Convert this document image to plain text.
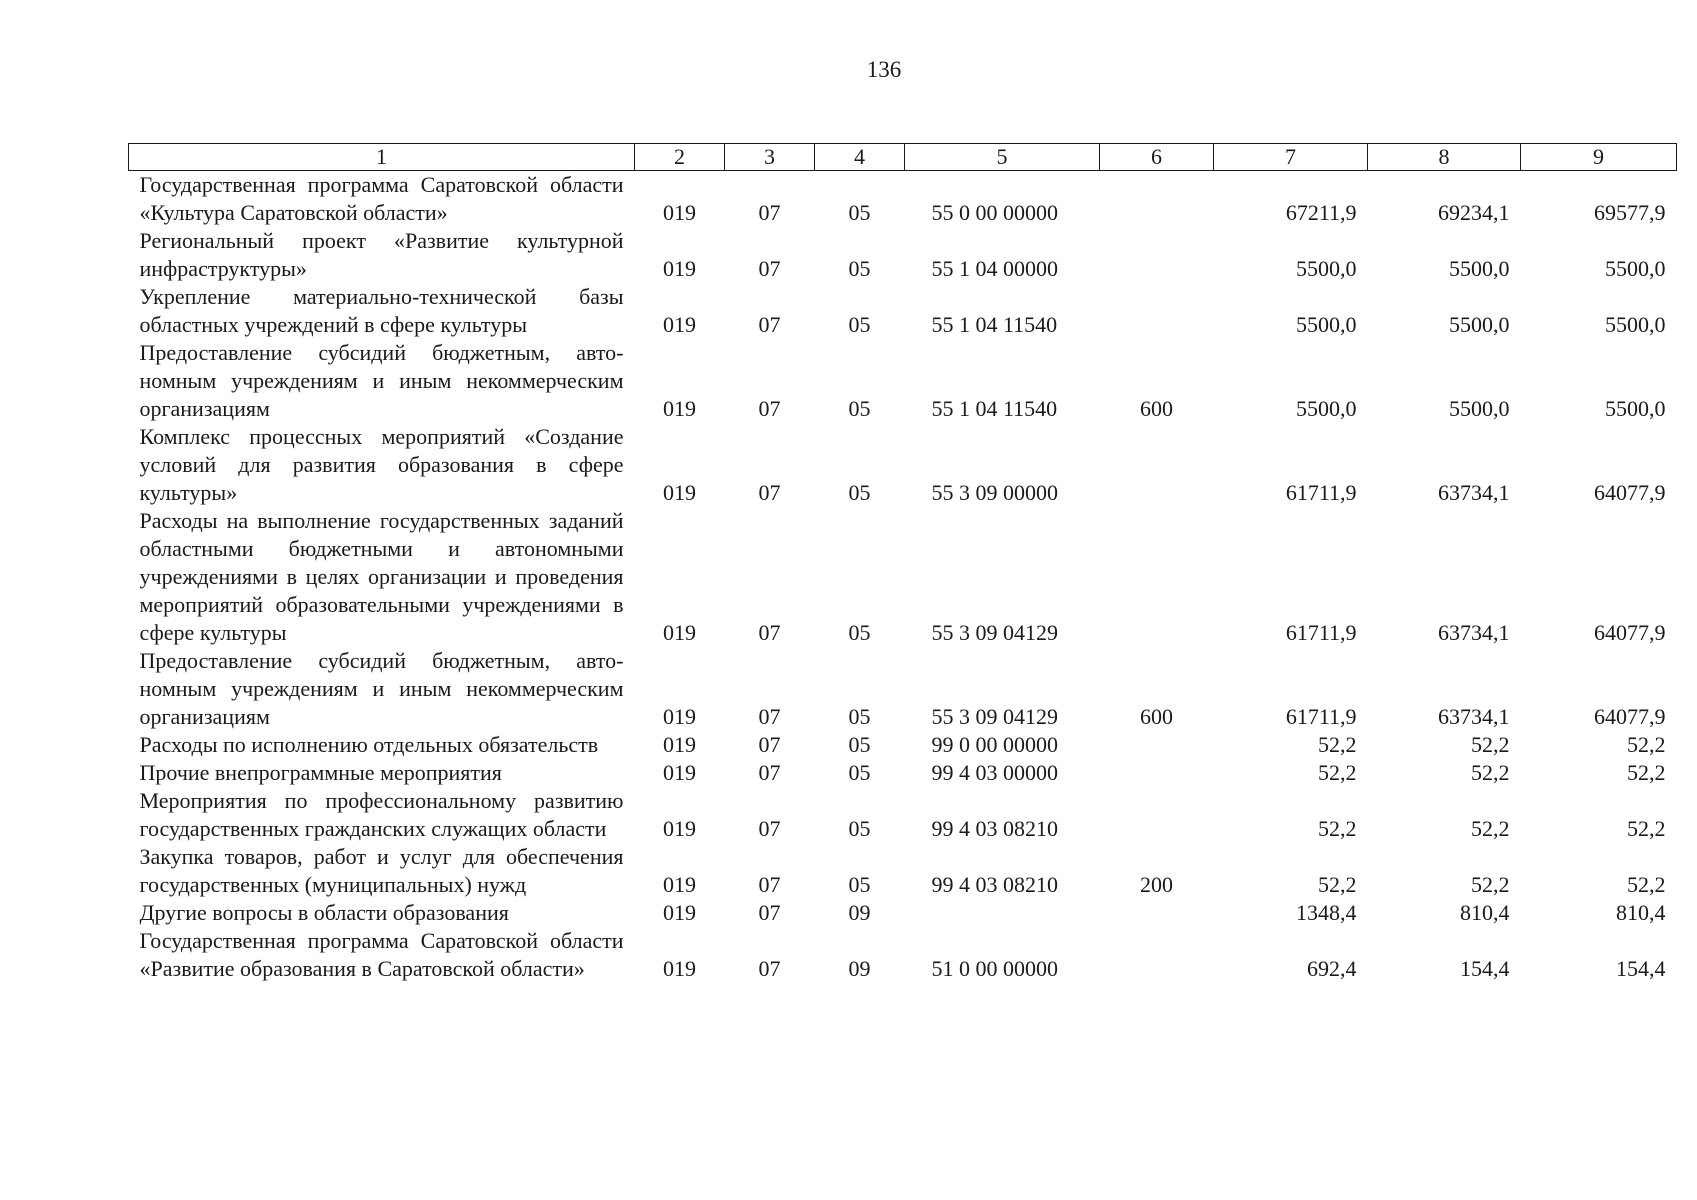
136
1	2	3	4	5	6	7	8	9
Государственная программа Саратовской области «Культура Саратовской области»	019	07	05	55 0 00 00000		67211,9	69234,1	69577,9
Региональный проект «Развитие культурной инфраструктуры»	019	07	05	55 1 04 00000		5500,0	5500,0	5500,0
Укрепление материально-технической базы областных учреждений в сфере культуры	019	07	05	55 1 04 11540		5500,0	5500,0	5500,0
Предоставление субсидий бюджетным, автономным учреждениям и иным некоммерческим организациям	019	07	05	55 1 04 11540	600	5500,0	5500,0	5500,0
Комплекс процессных мероприятий «Создание условий для развития образования в сфере культуры»	019	07	05	55 3 09 00000		61711,9	63734,1	64077,9
Расходы на выполнение государственных заданий областными бюджетными и автономными учреждениями в целях организации и проведения мероприятий образовательными учреждениями в сфере культуры	019	07	05	55 3 09 04129		61711,9	63734,1	64077,9
Предоставление субсидий бюджетным, автономным учреждениям и иным некоммерческим организациям	019	07	05	55 3 09 04129	600	61711,9	63734,1	64077,9
Расходы по исполнению отдельных обязательств	019	07	05	99 0 00 00000		52,2	52,2	52,2
Прочие внепрограммные мероприятия	019	07	05	99 4 03 00000		52,2	52,2	52,2
Мероприятия по профессиональному развитию государственных гражданских служащих области	019	07	05	99 4 03 08210		52,2	52,2	52,2
Закупка товаров, работ и услуг для обеспечения государственных (муниципальных) нужд	019	07	05	99 4 03 08210	200	52,2	52,2	52,2
Другие вопросы в области образования	019	07	09			1348,4	810,4	810,4
Государственная программа Саратовской области «Развитие образования в Саратовской области»	019	07	09	51 0 00 00000		692,4	154,4	154,4
